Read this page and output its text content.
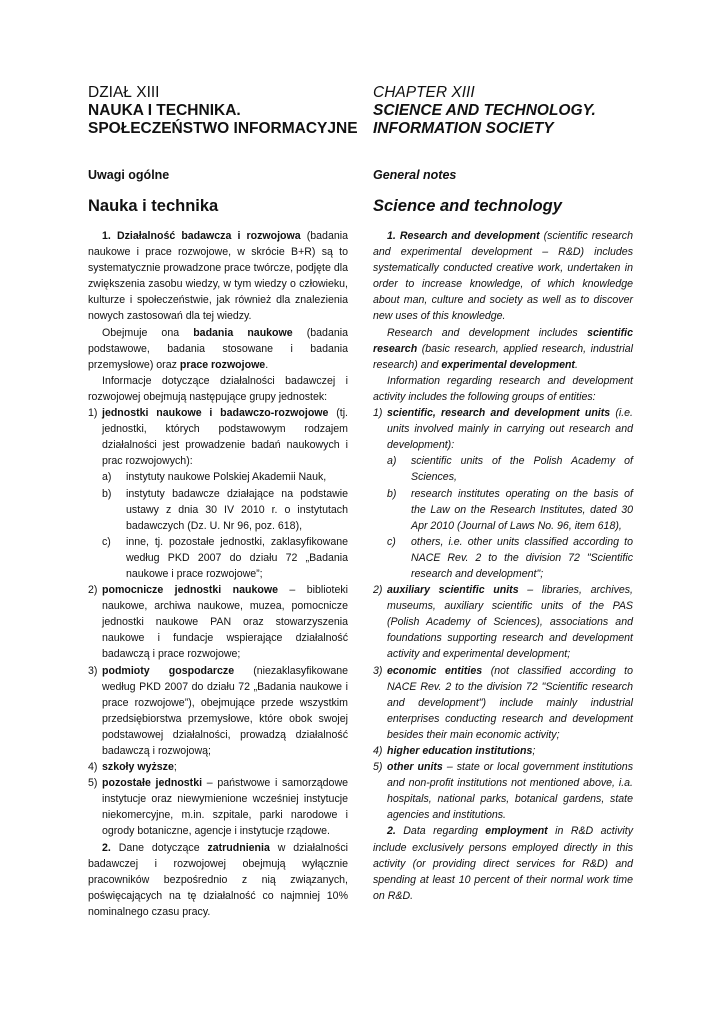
DZIAŁ XIII
NAUKA I TECHNIKA.
SPOŁECZEŃSTWO INFORMACYJNE
Uwagi ogólne
Nauka i technika

1. Działalność badawcza i rozwojowa (badania naukowe i prace rozwojowe, w skrócie B+R) są to systematycznie prowadzone prace twórcze, podjęte dla zwiększenia zasobu wiedzy, w tym wiedzy o człowieku, kulturze i społeczeństwie, jak również dla znalezienia nowych zastosowań dla tej wiedzy.

Obejmuje ona badania naukowe (badania podstawowe, badania stosowane i badania przemysłowe) oraz prace rozwojowe.

Informacje dotyczące działalności badawczej i rozwojowej obejmują następujące grupy jednostek:

1) jednostki naukowe i badawczo-rozwojowe (tj. jednostki, których podstawowym rodzajem działalności jest prowadzenie badań naukowych i prac rozwojowych):
a) instytuty naukowe Polskiej Akademii Nauk,
b) instytuty badawcze działające na podstawie ustawy z dnia 30 IV 2010 r. o instytutach badawczych (Dz. U. Nr 96, poz. 618),
c) inne, tj. pozostałe jednostki, zaklasyfikowane według PKD 2007 do działu 72 „Badania naukowe i prace rozwojowe”;
2) pomocnicze jednostki naukowe – biblioteki naukowe, archiwa naukowe, muzea, pomocnicze jednostki naukowe PAN oraz stowarzyszenia naukowe i fundacje wspierające działalność badawczą i prace rozwojowe;
3) podmioty gospodarcze (niezaklasyfikowane według PKD 2007 do działu 72 „Badania naukowe i prace rozwojowe”), obejmujące przede wszystkim przedsiębiorstwa przemysłowe, które obok swojej podstawowej działalności, prowadzą działalność badawczą i rozwojową;
4) szkoły wyższe;
5) pozostałe jednostki – państwowe i samorządowe instytucje oraz niewymienione wcześniej instytucje niekomercyjne, m.in. szpitale, parki narodowe i ogrody botaniczne, agencje i instytucje rządowe.

2. Dane dotyczące zatrudnienia w działalności badawczej i rozwojowej obejmują wyłącznie pracowników bezpośrednio z nią związanych, poświęcających na tę działalność co najmniej 10% nominalnego czasu pracy.

CHAPTER XIII
SCIENCE AND TECHNOLOGY.
INFORMATION SOCIETY
General notes
Science and technology

1. Research and development (scientific research and experimental development – R&D) includes systematically conducted creative work, undertaken in order to increase knowledge, of which knowledge about man, culture and society as well as to discover new uses of this knowledge.

Research and development includes scientific research (basic research, applied research, industrial research) and experimental development.

Information regarding research and development activity includes the following groups of entities:

1) scientific, research and development units (i.e. units involved mainly in carrying out research and development):
a) scientific units of the Polish Academy of Sciences,
b) research institutes operating on the basis of the Law on the Research Institutes, dated 30 Apr 2010 (Journal of Laws No. 96, item 618),
c) others, i.e. other units classified according to NACE Rev. 2 to the division 72 "Scientific research and development";
2) auxiliary scientific units – libraries, archives, museums, auxiliary scientific units of the PAS (Polish Academy of Sciences), associations and foundations supporting research and development activity and experimental development;
3) economic entities (not classified according to NACE Rev. 2 to the division 72 "Scientific research and development") include mainly industrial enterprises conducting research and development besides their main economic activity;
4) higher education institutions;
5) other units – state or local government institutions and non-profit institutions not mentioned above, i.a. hospitals, national parks, botanical gardens, state agencies and institutions.

2. Data regarding employment in R&D activity include exclusively persons employed directly in this activity (or providing direct services for R&D) and spending at least 10 percent of their normal work time on R&D.
